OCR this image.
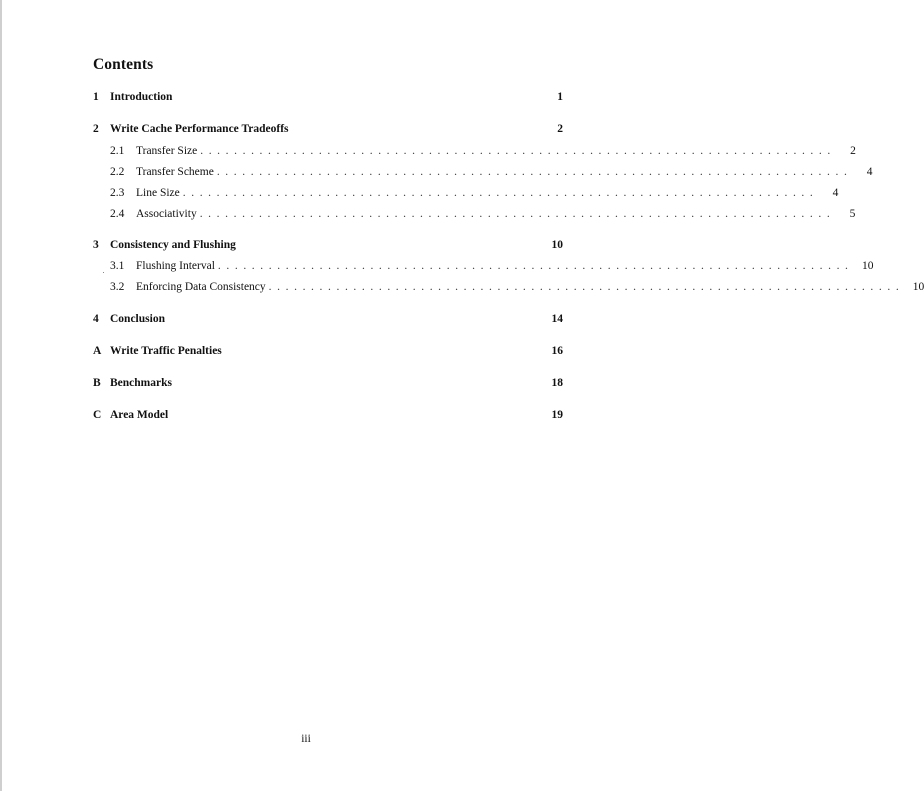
Contents
1 Introduction	1
2 Write Cache Performance Tradeoffs	2
2.1	Transfer Size ...........................................................................	2
2.2	Transfer Scheme ...........................................................................	4
2.3	Line Size ...........................................................................	4
2.4	Associativity ...........................................................................	5
3 Consistency and Flushing	10
3.1	Flushing Interval ........................................................................... 10
3.2	Enforcing Data Consistency ........................................................................... 10
4 Conclusion	14
A Write Traffic Penalties	16
B Benchmarks	18
C Area Model	19
iii
